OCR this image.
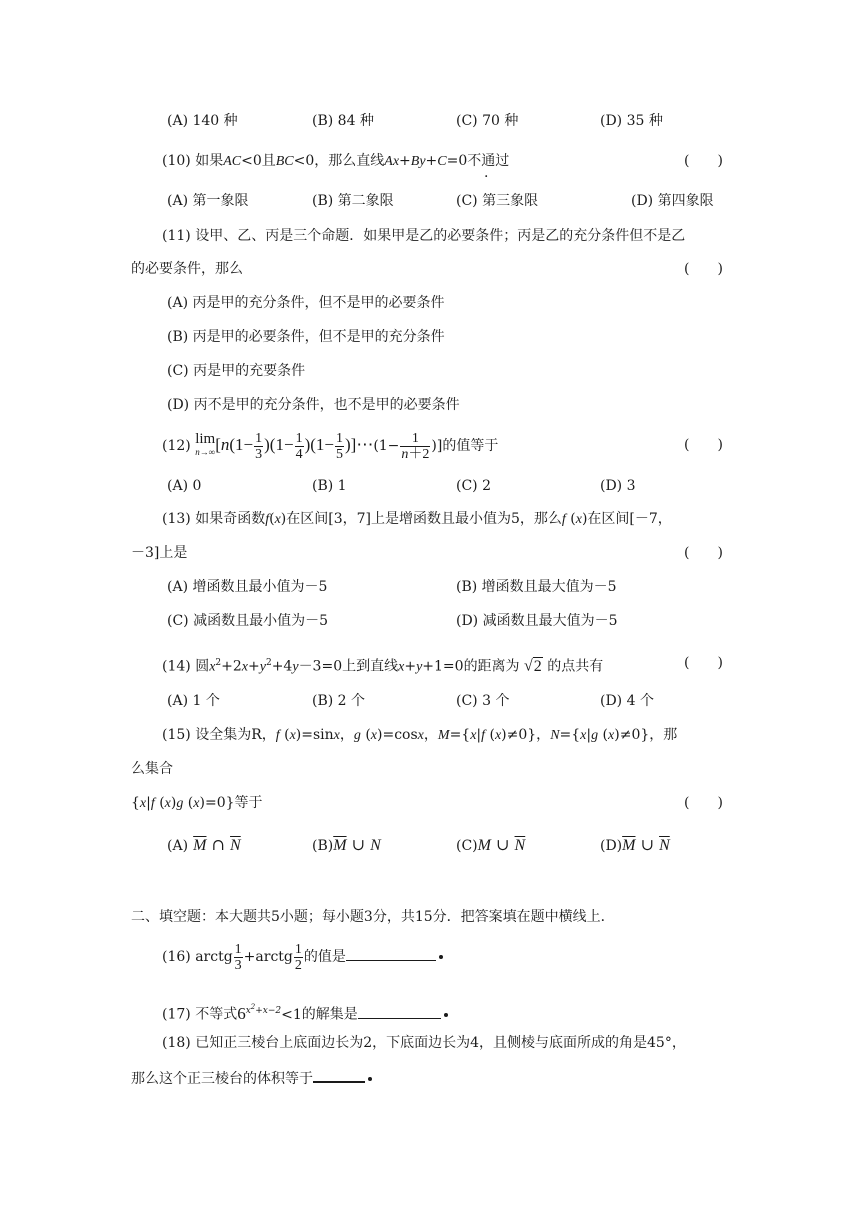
(A) 140 种	(B) 84 种	(C) 70 种	(D) 35 种
(10) 如果AC<0且BC<0，那么直线Ax+By+C=0不通过	(　　)
(A) 第一象限	(B) 第二象限	(C) 第三象限	(D) 第四象限
(11) 设甲、乙、丙是三个命题．如果甲是乙的必要条件；丙是乙的充分条件但不是乙
的必要条件，那么	(　　)
(A) 丙是甲的充分条件，但不是甲的必要条件
(B) 丙是甲的必要条件，但不是甲的充分条件
(C) 丙是甲的充要条件
(D) 丙不是甲的充分条件，也不是甲的必要条件
(12) lim
n→∞ [$n(1- \frac{1}{3} )(1- \frac{1}{4} )(1- \frac{1}{5}$ )]⋯(1− $\frac{1}{n+2}$ )]的值等于	(　　)
(A) 0	(B) 1	(C) 2	(D) 3
(13) 如果奇函数f(x)在区间[3，7]上是增函数且最小值为5，那么f (x)在区间[－7，
－3]上是	(　　)
(A) 增函数且最小值为－5	(B) 增函数且最大值为－5
(C) 减函数且最小值为－5	(D) 减函数且最大值为－5
(14) 圆$x^2+2x+y^2+4y-3=0$上到直线x+y+1=0的距离为 √2 的点共有	(　　)
(A) 1 个	(B) 2 个	(C) 3 个	(D) 4 个
(15) 设全集为R，f (x)=sinx，g (x)=cosx，M={x|f (x)≠0}，N={x|g (x)≠0}，那
么集合
{x|f (x)g (x)=0}等于	(　　)
(A) $\overline{M}$ ∩ $\overline{N}$	$(B)\overline{M}$ ∪ N	(C)M ∪ $\overline{N}$	$(D)\overline{M}$ ∪ $\overline{N}$
二、填空题：本大题共5小题；每小题3分，共15分．把答案填在题中横线上．
(16) arctg $\frac{1}{3}$ +arctg $\frac{1}{2}$ 的值是
(17) 不等式$6^{x^2+x-2}<1$的解集是
(18) 已知正三棱台上底面边长为2，下底面边长为4，且侧棱与底面所成的角是45°，
那么这个正三棱台的体积等于
